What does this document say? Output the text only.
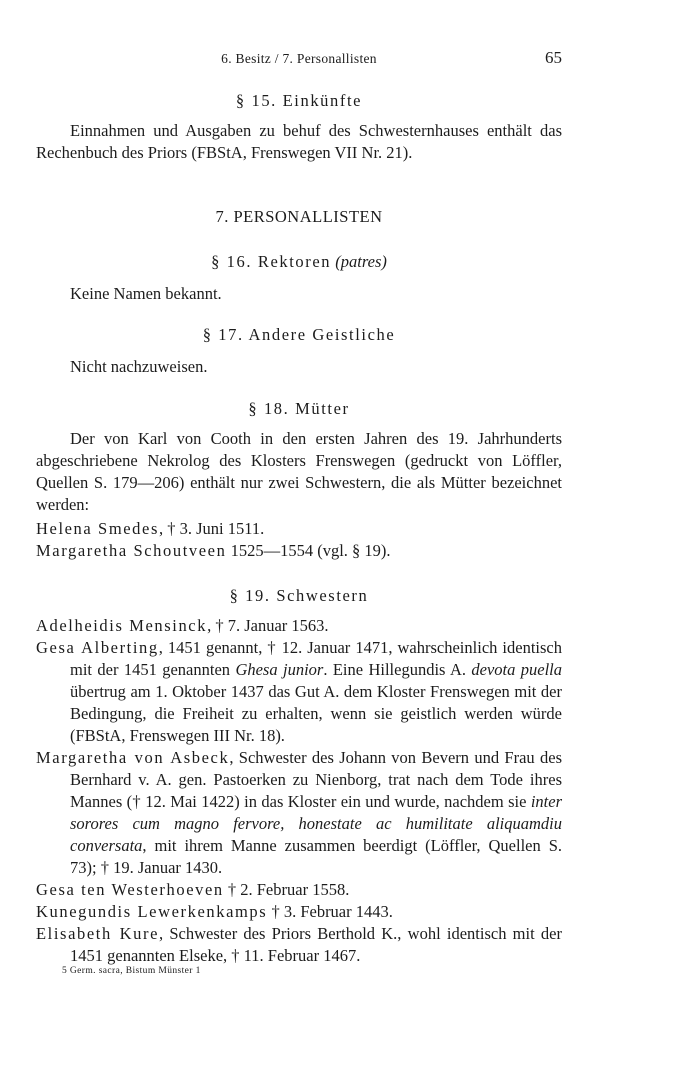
6. Besitz / 7. Personallisten	65
§ 15. Einkünfte
Einnahmen und Ausgaben zu behuf des Schwesternhauses enthält das Rechenbuch des Priors (FBStA, Frenswegen VII Nr. 21).
7. PERSONALLISTEN
§ 16. Rektoren (patres)
Keine Namen bekannt.
§ 17. Andere Geistliche
Nicht nachzuweisen.
§ 18. Mütter
Der von Karl von Cooth in den ersten Jahren des 19. Jahrhunderts abgeschriebene Nekrolog des Klosters Frenswegen (gedruckt von Löffler, Quellen S. 179—206) enthält nur zwei Schwestern, die als Mütter bezeichnet werden:
Helena Smedes, † 3. Juni 1511.
Margaretha Schoutveen 1525—1554 (vgl. § 19).
§ 19. Schwestern
Adelheidis Mensinck, † 7. Januar 1563.
Gesa Alberting, 1451 genannt, † 12. Januar 1471, wahrscheinlich identisch mit der 1451 genannten Ghesa junior. Eine Hillegundis A. devota puella übertrug am 1. Oktober 1437 das Gut A. dem Kloster Frenswegen mit der Bedingung, die Freiheit zu erhalten, wenn sie geistlich werden würde (FBStA, Frenswegen III Nr. 18).
Margaretha von Asbeck, Schwester des Johann von Bevern und Frau des Bernhard v. A. gen. Pastoerken zu Nienborg, trat nach dem Tode ihres Mannes († 12. Mai 1422) in das Kloster ein und wurde, nachdem sie inter sorores cum magno fervore, honestate ac humilitate aliquamdiu conversata, mit ihrem Manne zusammen beerdigt (Löffler, Quellen S. 73); † 19. Januar 1430.
Gesa ten Westerhoeven † 2. Februar 1558.
Kunegundis Lewerkenkamps † 3. Februar 1443.
Elisabeth Kure, Schwester des Priors Berthold K., wohl identisch mit der 1451 genannten Elseke, † 11. Februar 1467.
5 Germ. sacra, Bistum Münster 1
